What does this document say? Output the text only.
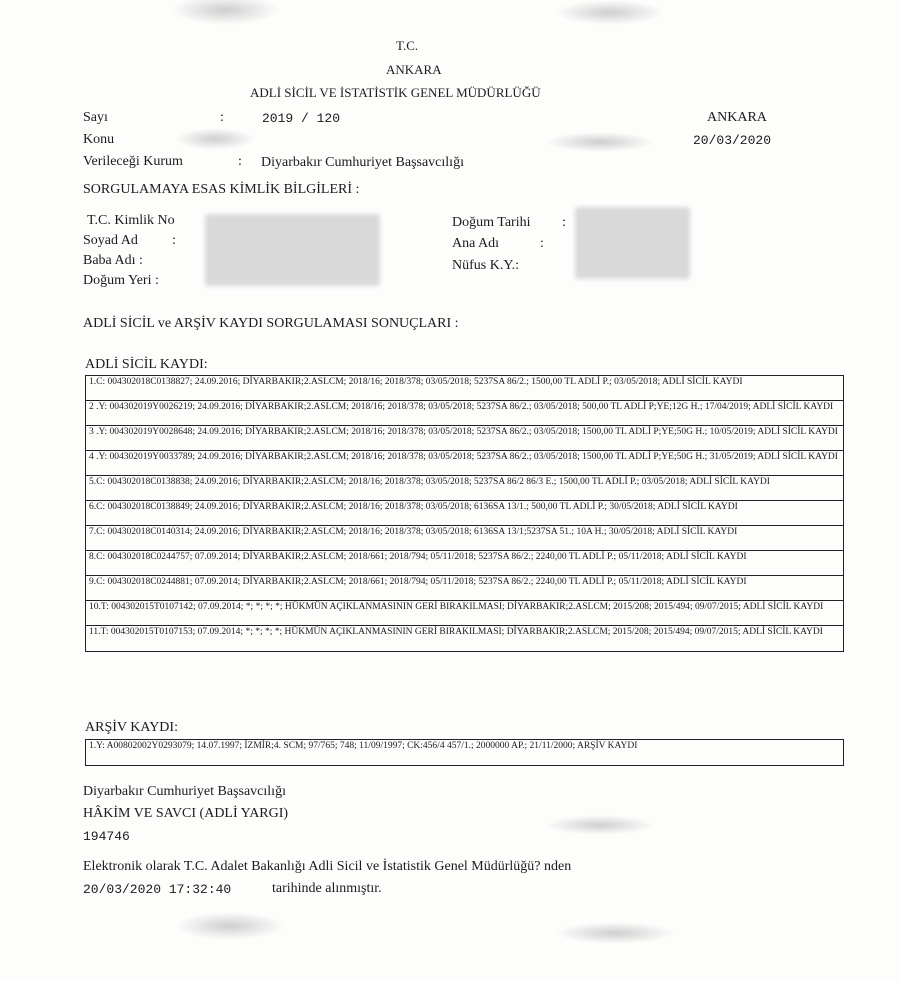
T.C.
ANKARA
ADLİ SİCİL VE İSTATİSTİK GENEL MÜDÜRLÜĞÜ
Sayı	:	2019 / 120	ANKARA
Konu	20/03/2020
Verileceği Kurum	: Diyarbakır Cumhuriyet Başsavcılığı
SORGULAMAYA ESAS KİMLİK BİLGİLERİ :
T.C. Kimlik No
Soyad Ad :
Baba Adı :
Doğum Yeri :
Doğum Tarihi :
Ana Adı	:
Nüfus K.Y.:
ADLİ SİCİL ve ARŞİV KAYDI SORGULAMASI SONUÇLARI :
ADLİ SİCİL KAYDI:
1.C: 004302018C0138827; 24.09.2016; DİYARBAKIR;2.ASLCM; 2018/16; 2018/378; 03/05/2018; 5237SA 86/2.; 1500,00 TL ADLİ P.; 03/05/2018; ADLİ SİCİL KAYDI
2 .Y: 004302019Y0026219; 24.09.2016; DİYARBAKIR;2.ASLCM; 2018/16; 2018/378; 03/05/2018; 5237SA 86/2.; 03/05/2018; 500,00 TL ADLİ P;YE;12G H.; 17/04/2019; ADLİ SİCİL KAYDI
3 .Y: 004302019Y0028648; 24.09.2016; DİYARBAKIR;2.ASLCM; 2018/16; 2018/378; 03/05/2018; 5237SA 86/2.; 03/05/2018; 1500,00 TL ADLİ P;YE;50G H.; 10/05/2019; ADLİ SİCİL KAYDI
4 .Y: 004302019Y0033789; 24.09.2016; DİYARBAKIR;2.ASLCM; 2018/16; 2018/378; 03/05/2018; 5237SA 86/2.; 03/05/2018; 1500,00 TL ADLİ P;YE;50G H.; 31/05/2019; ADLİ SİCİL KAYDI
5.C: 004302018C0138838; 24.09.2016; DİYARBAKIR;2.ASLCM; 2018/16; 2018/378; 03/05/2018; 5237SA 86/2 86/3 E.; 1500,00 TL ADLİ P.; 03/05/2018; ADLİ SİCİL KAYDI
6.C: 004302018C0138849; 24.09.2016; DİYARBAKIR;2.ASLCM; 2018/16; 2018/378; 03/05/2018; 6136SA 13/1.; 500,00 TL ADLİ P.; 30/05/2018; ADLİ SİCİL KAYDI
7.C: 004302018C0140314; 24.09.2016; DİYARBAKIR;2.ASLCM; 2018/16; 2018/378; 03/05/2018; 6136SA 13/1;5237SA 51.; 10A H.; 30/05/2018; ADLİ SİCİL KAYDI
8.C: 004302018C0244757; 07.09.2014; DİYARBAKIR;2.ASLCM; 2018/661; 2018/794; 05/11/2018; 5237SA 86/2.; 2240,00 TL ADLİ P.; 05/11/2018; ADLİ SİCİL KAYDI
9.C: 004302018C0244881; 07.09.2014; DİYARBAKIR;2.ASLCM; 2018/661; 2018/794; 05/11/2018; 5237SA 86/2.; 2240,00 TL ADLİ P.; 05/11/2018; ADLİ SİCİL KAYDI
10.T: 004302015T0107142; 07.09.2014; *; *; *; *; HÜKMÜN AÇIKLANMASININ GERİ BIRAKILMASI; DİYARBAKIR;2.ASLCM; 2015/208; 2015/494; 09/07/2015; ADLİ SİCİL KAYDI
11.T: 004302015T0107153; 07.09.2014; *; *; *; *; HÜKMÜN AÇIKLANMASININ GERİ BIRAKILMASI; DİYARBAKIR;2.ASLCM; 2015/208; 2015/494; 09/07/2015; ADLİ SİCİL KAYDI
ARŞİV KAYDI:
1.Y: A00802002Y0293079; 14.07.1997; İZMİR;4. SCM; 97/765; 748; 11/09/1997; CK:456/4 457/1.; 2000000 AP.; 21/11/2000; ARŞİV KAYDI
Diyarbakır Cumhuriyet Başsavcılığı
HÂKİM VE SAVCI (ADLİ YARGI)
194746
Elektronik olarak T.C. Adalet Bakanlığı Adli Sicil ve İstatistik Genel Müdürlüğü? nden
20/03/2020 17:32:40	tarihinde alınmıştır.
